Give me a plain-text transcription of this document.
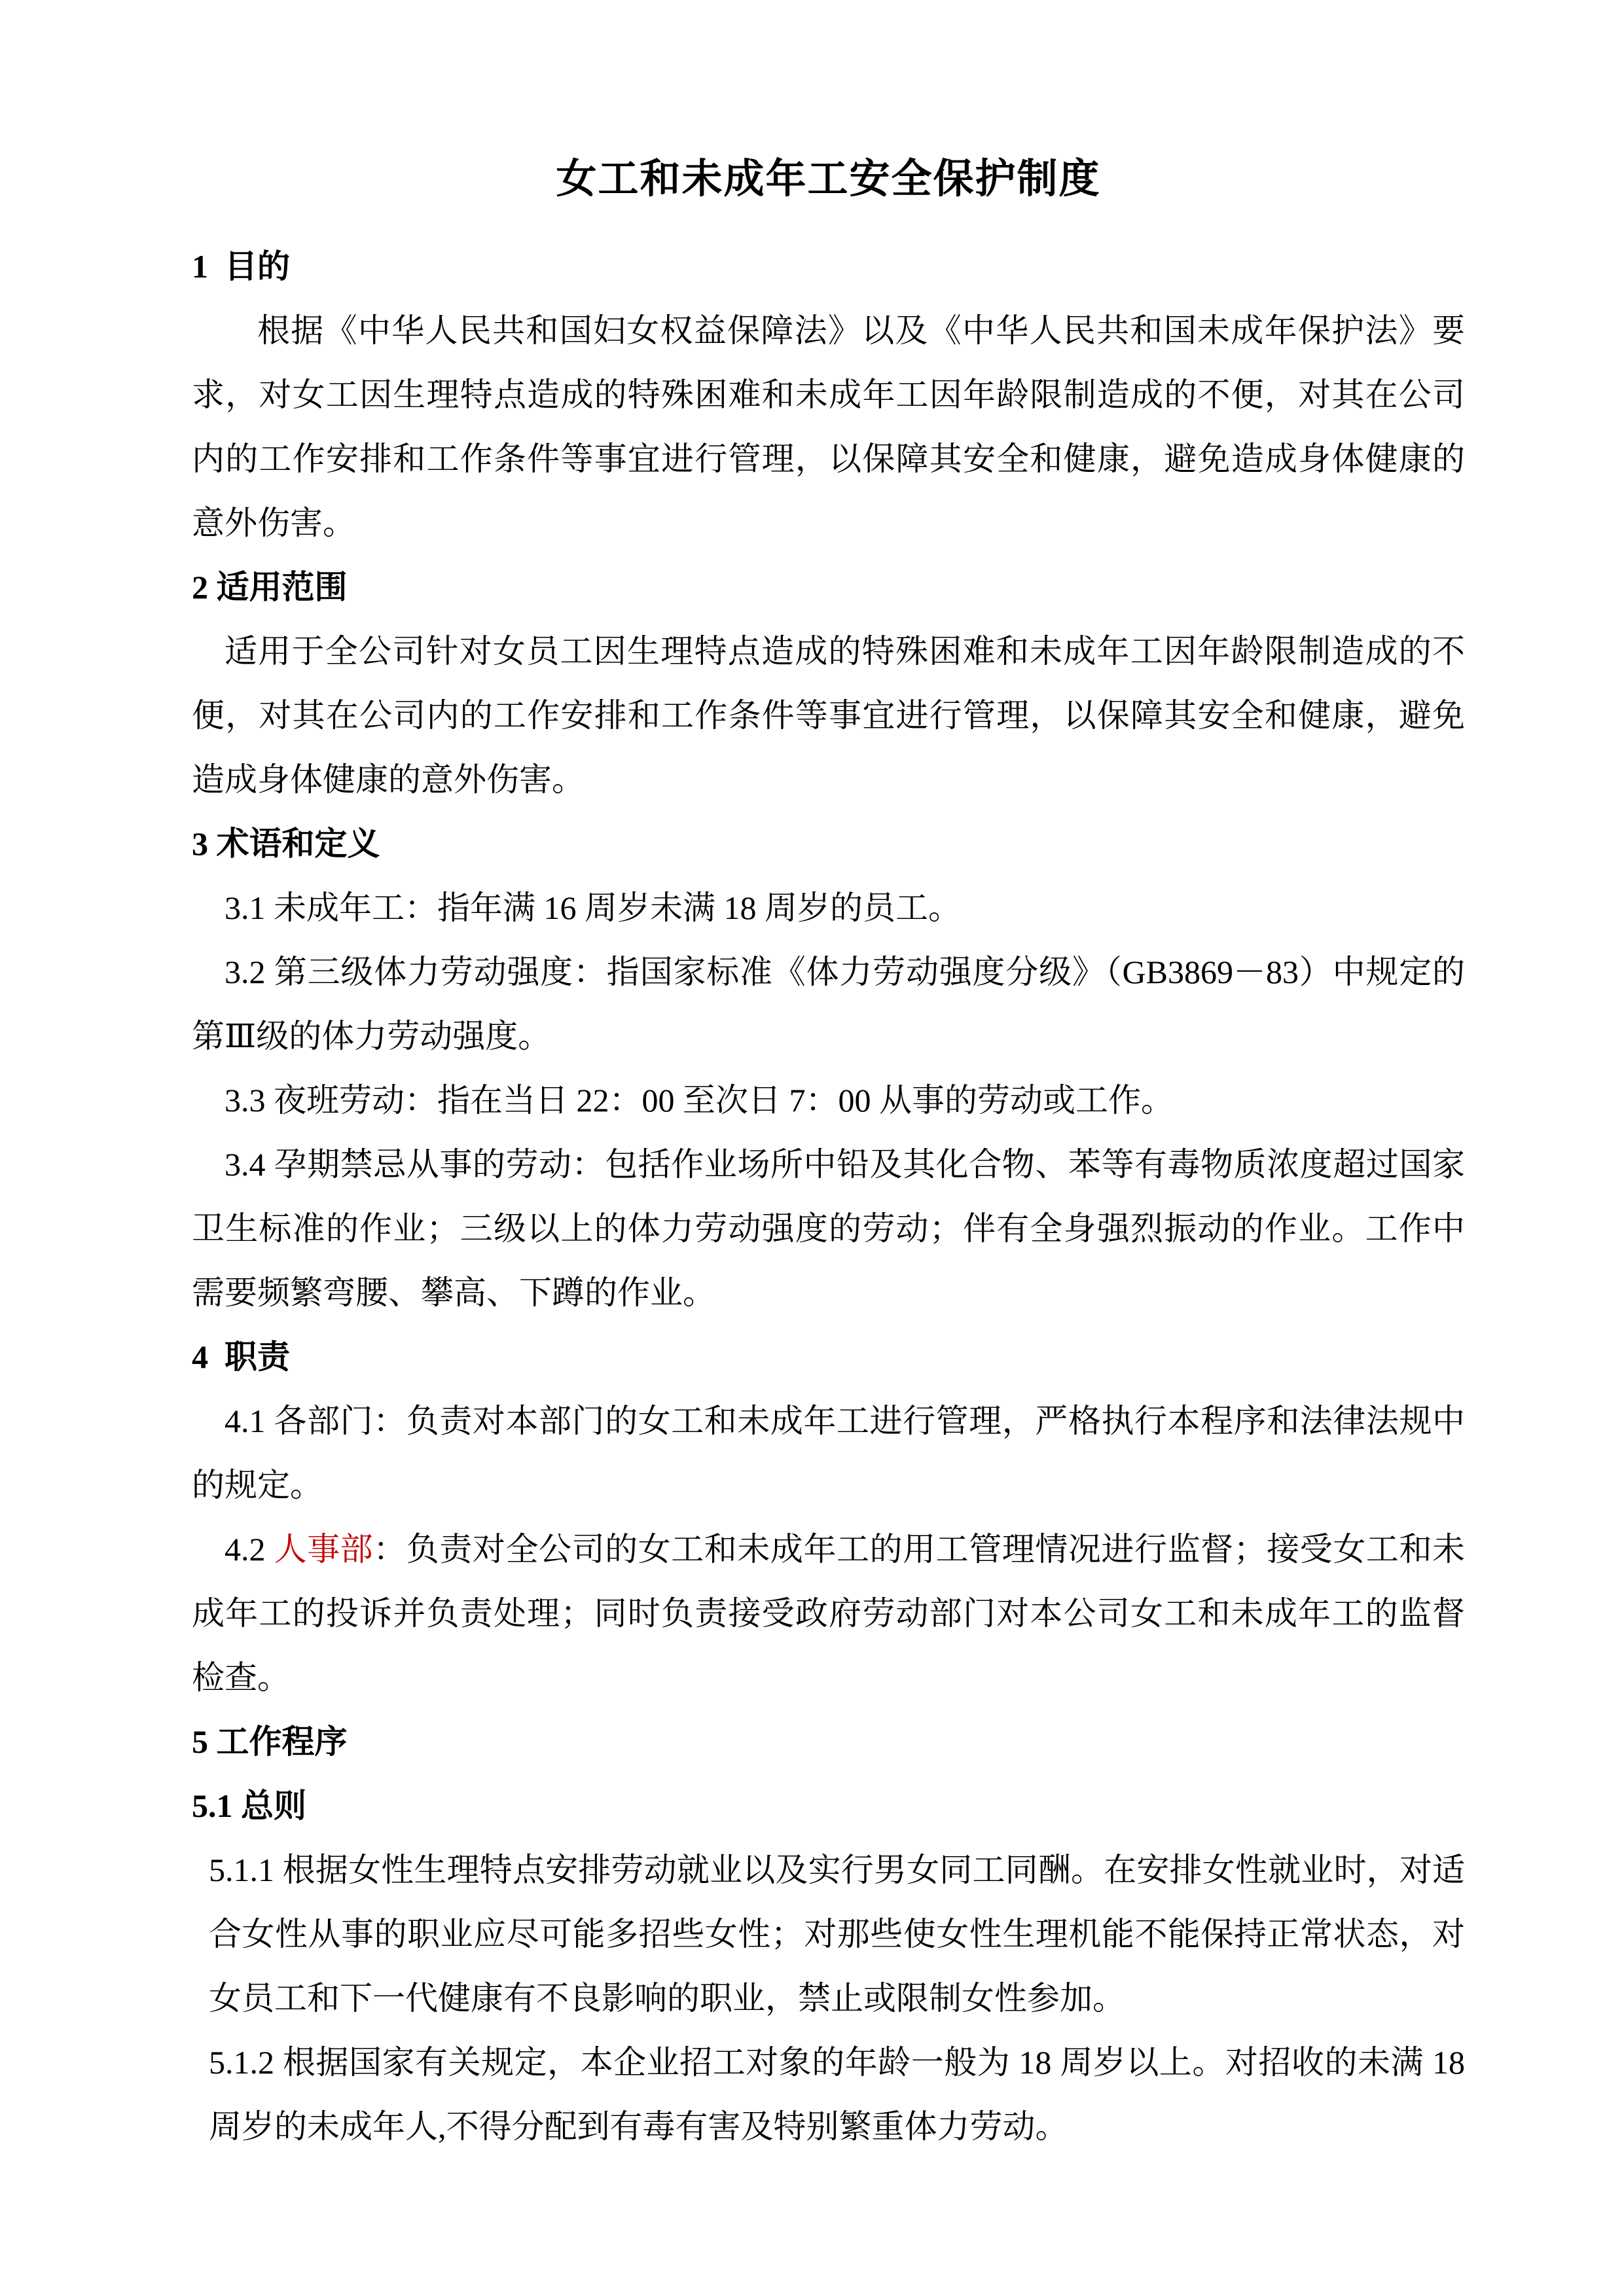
女工和未成年工安全保护制度
1  目的

根据《中华人民共和国妇女权益保障法》以及《中华人民共和国未成年保护法》要求，对女工因生理特点造成的特殊困难和未成年工因年龄限制造成的不便，对其在公司内的工作安排和工作条件等事宜进行管理，以保障其安全和健康，避免造成身体健康的意外伤害。

2 适用范围

适用于全公司针对女员工因生理特点造成的特殊困难和未成年工因年龄限制造成的不便，对其在公司内的工作安排和工作条件等事宜进行管理，以保障其安全和健康，避免造成身体健康的意外伤害。

3 术语和定义

3.1 未成年工：指年满 16 周岁未满 18 周岁的员工。

3.2 第三级体力劳动强度：指国家标准《体力劳动强度分级》（GB3869－83）中规定的第Ⅲ级的体力劳动强度。

3.3 夜班劳动：指在当日 22：00 至次日 7：00 从事的劳动或工作。

3.4 孕期禁忌从事的劳动：包括作业场所中铅及其化合物、苯等有毒物质浓度超过国家卫生标准的作业；三级以上的体力劳动强度的劳动；伴有全身强烈振动的作业。工作中需要频繁弯腰、攀高、下蹲的作业。

4  职责

4.1 各部门：负责对本部门的女工和未成年工进行管理，严格执行本程序和法律法规中的规定。

4.2 人事部：负责对全公司的女工和未成年工的用工管理情况进行监督；接受女工和未成年工的投诉并负责处理；同时负责接受政府劳动部门对本公司女工和未成年工的监督检查。

5 工作程序
5.1 总则

5.1.1 根据女性生理特点安排劳动就业以及实行男女同工同酬。在安排女性就业时，对适合女性从事的职业应尽可能多招些女性；对那些使女性生理机能不能保持正常状态，对女员工和下一代健康有不良影响的职业，禁止或限制女性参加。

5.1.2 根据国家有关规定，本企业招工对象的年龄一般为 18 周岁以上。对招收的未满 18 周岁的未成年人,不得分配到有毒有害及特别繁重体力劳动。
